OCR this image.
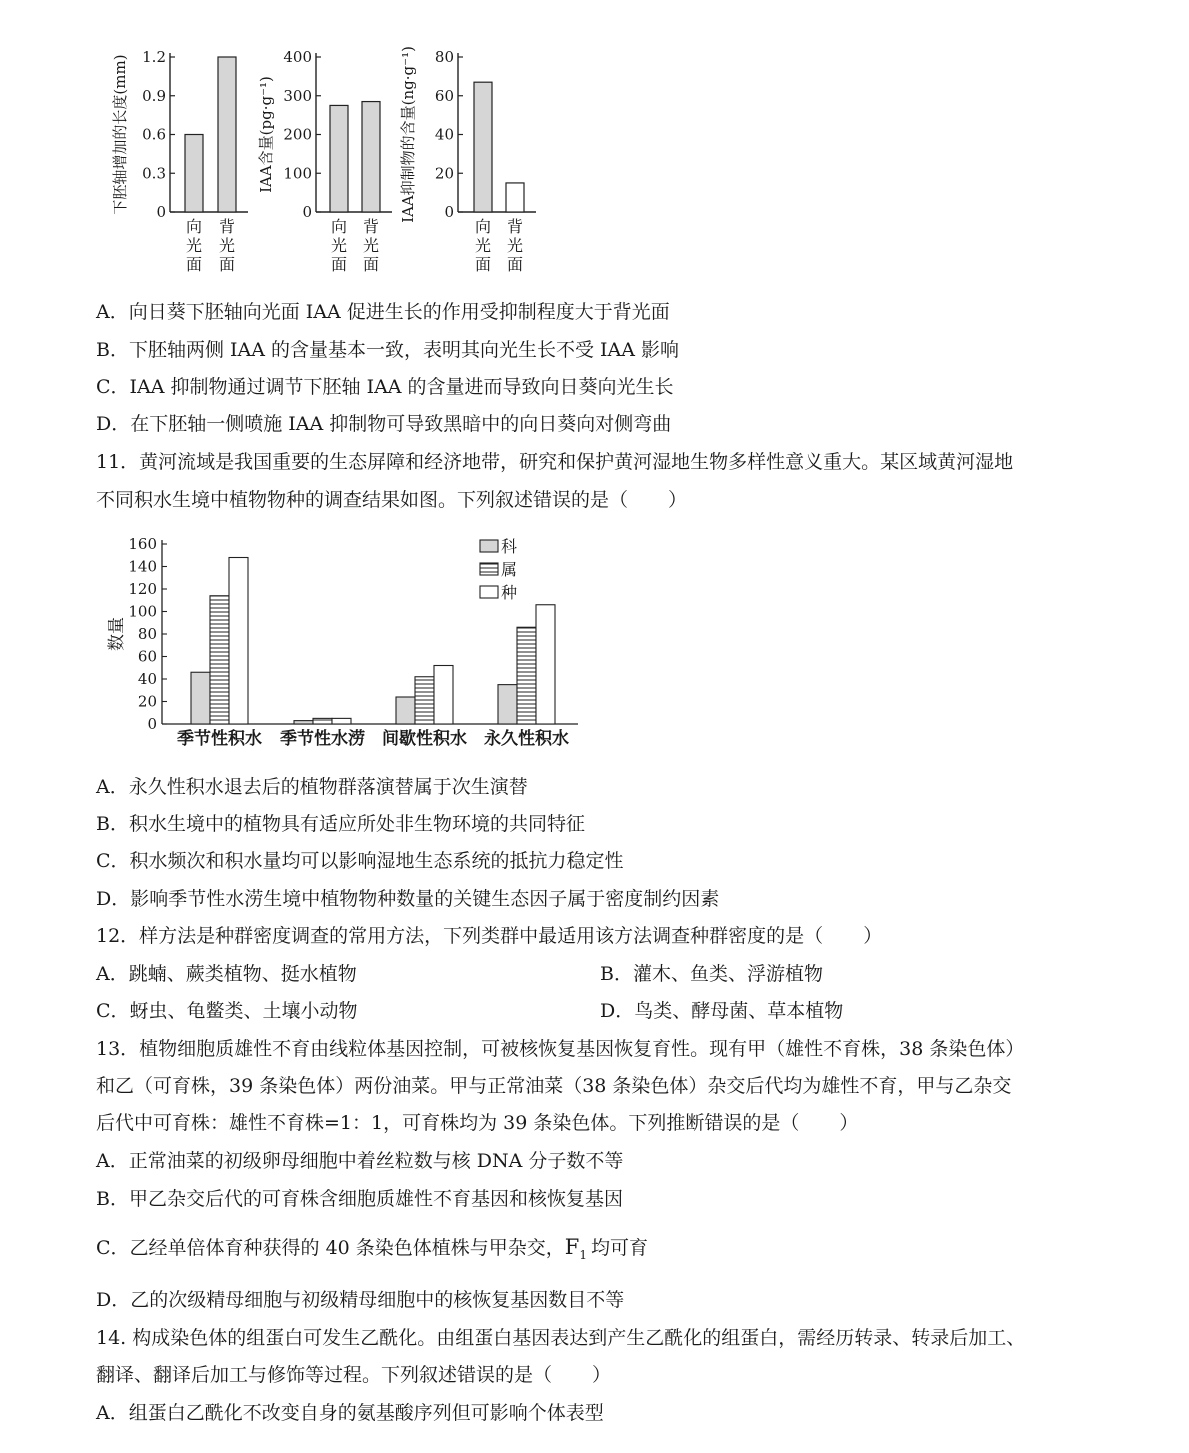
下胚轴增加的长度(mm) 0
0.3
0.6
0.9
1.2
向
光
面
背
光
面
IAA含量(pg·g⁻¹)
0
100
200
300
400
向
光
面
背
光
面
IAA抑制物的含量(ng·g⁻¹) 0
20
40
60
80
向
光
面
背
光
面
A．向日葵下胚轴向光面 IAA 促进生长的作用受抑制程度大于背光面
B．下胚轴两侧 IAA 的含量基本一致，表明其向光生长不受 IAA 影响
C．IAA 抑制物通过调节下胚轴 IAA 的含量进而导致向日葵向光生长
D．在下胚轴一侧喷施 IAA 抑制物可导致黑暗中的向日葵向对侧弯曲
11．黄河流域是我国重要的生态屏障和经济地带，研究和保护黄河湿地生物多样性意义重大。某区域黄河湿地
不同积水生境中植物物种的调查结果如图。下列叙述错误的是（ ）
数量
0
20
40
60
80
100
120
140
160
季节性积水 季节性水涝 间歇性积水 永久性积水
科
属
种
A．永久性积水退去后的植物群落演替属于次生演替
B．积水生境中的植物具有适应所处非生物环境的共同特征
C．积水频次和积水量均可以影响湿地生态系统的抵抗力稳定性
D．影响季节性水涝生境中植物物种数量的关键生态因子属于密度制约因素
12．样方法是种群密度调查的常用方法，下列类群中最适用该方法调查种群密度的是（ ）
A．跳蝻、蕨类植物、挺水植物	B．灌木、鱼类、浮游植物
C．蚜虫、龟鳖类、土壤小动物	D．鸟类、酵母菌、草本植物
13．植物细胞质雄性不育由线粒体基因控制，可被核恢复基因恢复育性。现有甲（雄性不育株，38 条染色体）
和乙（可育株，39 条染色体）两份油菜。甲与正常油菜（38 条染色体）杂交后代均为雄性不育，甲与乙杂交
后代中可育株：雄性不育株=1：1，可育株均为 39 条染色体。下列推断错误的是（ ）
A．正常油菜的初级卵母细胞中着丝粒数与核 DNA 分子数不等
B．甲乙杂交后代的可育株含细胞质雄性不育基因和核恢复基因
C．乙经单倍体育种获得的 40 条染色体植株与甲杂交，$F_1$ 均可育
D．乙的次级精母细胞与初级精母细胞中的核恢复基因数目不等
14. 构成染色体的组蛋白可发生乙酰化。由组蛋白基因表达到产生乙酰化的组蛋白，需经历转录、转录后加工、
翻译、翻译后加工与修饰等过程。下列叙述错误的是（ ）
A．组蛋白乙酰化不改变自身的氨基酸序列但可影响个体表型
